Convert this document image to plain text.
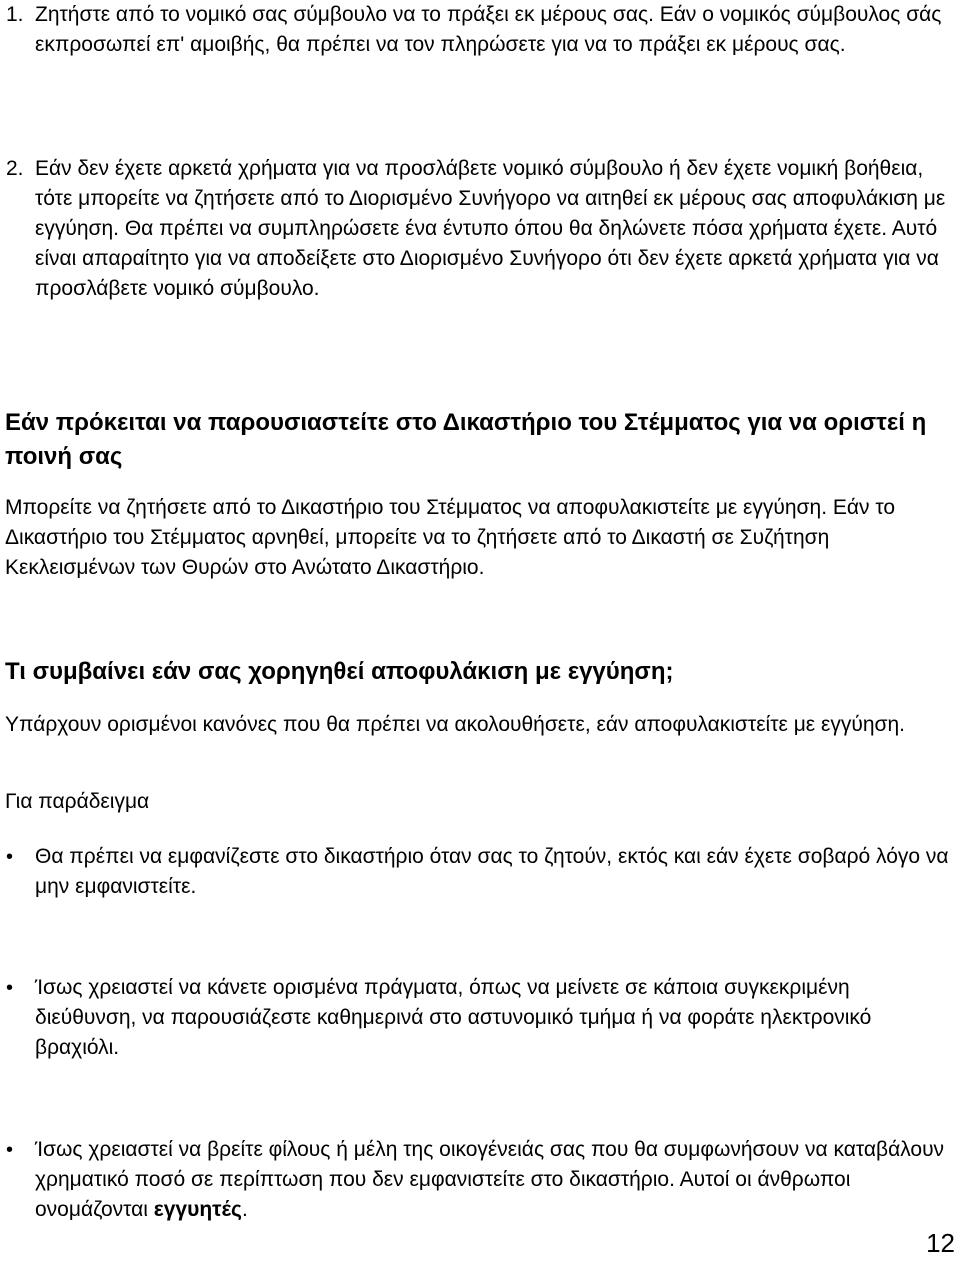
1. Ζητήστε από το νομικό σας σύμβουλο να το πράξει εκ μέρους σας. Εάν ο νομικός σύμβουλος σάς εκπροσωπεί επ' αμοιβής, θα πρέπει να τον πληρώσετε για να το πράξει εκ μέρους σας.
2. Εάν δεν έχετε αρκετά χρήματα για να προσλάβετε νομικό σύμβουλο ή δεν έχετε νομική βοήθεια, τότε μπορείτε να ζητήσετε από το Διορισμένο Συνήγορο να αιτηθεί εκ μέρους σας αποφυλάκιση με εγγύηση. Θα πρέπει να συμπληρώσετε ένα έντυπο όπου θα δηλώνετε πόσα χρήματα έχετε. Αυτό είναι απαραίτητο για να αποδείξετε στο Διορισμένο Συνήγορο ότι δεν έχετε αρκετά χρήματα για να προσλάβετε νομικό σύμβουλο.
Εάν πρόκειται να παρουσιαστείτε στο Δικαστήριο του Στέμματος για να οριστεί η ποινή σας
Μπορείτε να ζητήσετε από το Δικαστήριο του Στέμματος να αποφυλακιστείτε με εγγύηση. Εάν το Δικαστήριο του Στέμματος αρνηθεί, μπορείτε να το ζητήσετε από το Δικαστή σε Συζήτηση Κεκλεισμένων των Θυρών στο Ανώτατο Δικαστήριο.
Τι συμβαίνει εάν σας χορηγηθεί αποφυλάκιση με εγγύηση;
Υπάρχουν ορισμένοι κανόνες που θα πρέπει να ακολουθήσετε, εάν αποφυλακιστείτε με εγγύηση.
Για παράδειγμα
• Θα πρέπει να εμφανίζεστε στο δικαστήριο όταν σας το ζητούν, εκτός και εάν έχετε σοβαρό λόγο να μην εμφανιστείτε.
• Ίσως χρειαστεί να κάνετε ορισμένα πράγματα, όπως να μείνετε σε κάποια συγκεκριμένη διεύθυνση, να παρουσιάζεστε καθημερινά στο αστυνομικό τμήμα ή να φοράτε ηλεκτρονικό βραχιόλι.
• Ίσως χρειαστεί να βρείτε φίλους ή μέλη της οικογένειάς σας που θα συμφωνήσουν να καταβάλουν χρηματικό ποσό σε περίπτωση που δεν εμφανιστείτε στο δικαστήριο. Αυτοί οι άνθρωποι ονομάζονται εγγυητές.
12
